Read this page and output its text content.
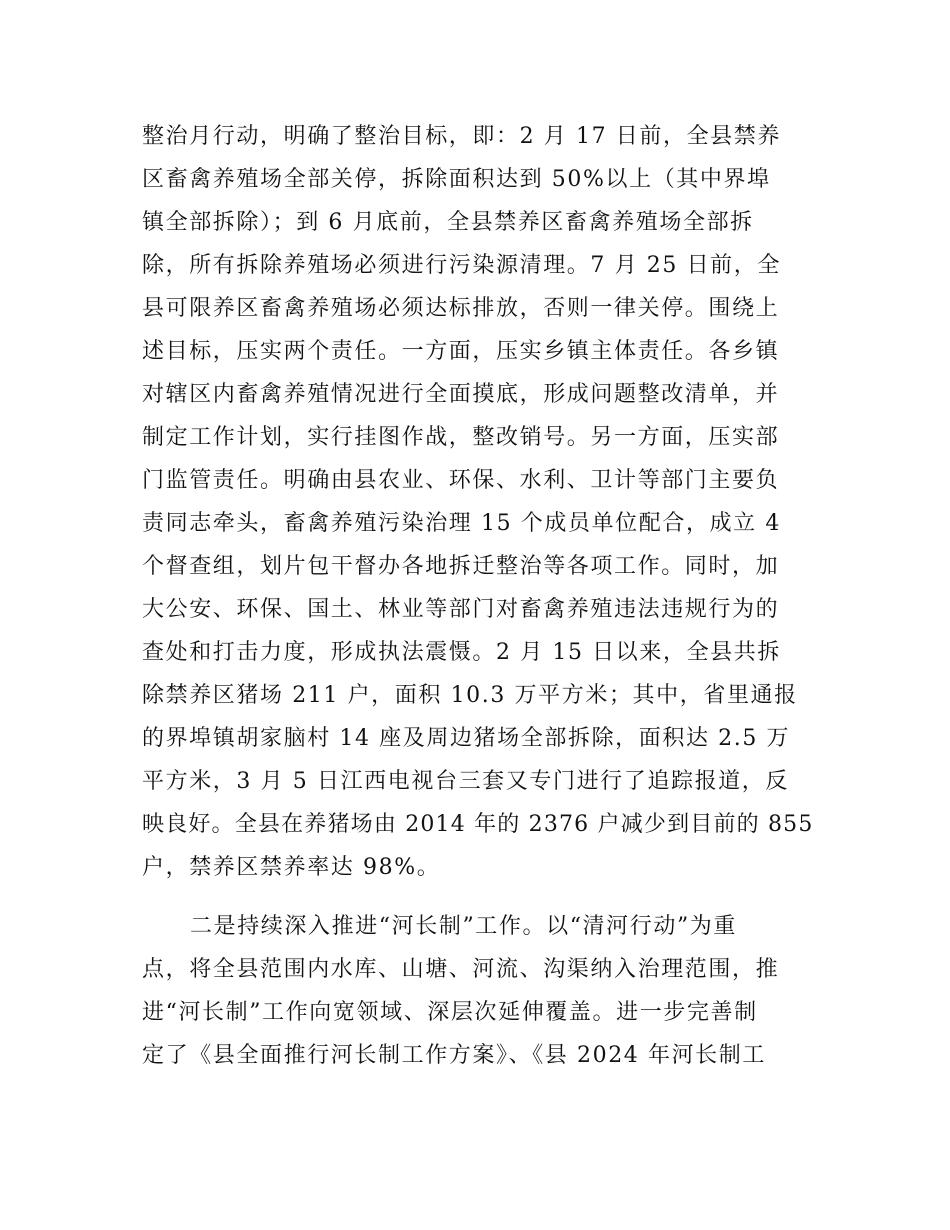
整治月行动，明确了整治目标，即：2 月 17 日前，全县禁养
区畜禽养殖场全部关停，拆除面积达到 50%以上（其中界埠
镇全部拆除）；到 6 月底前，全县禁养区畜禽养殖场全部拆
除，所有拆除养殖场必须进行污染源清理。7 月 25 日前，全
县可限养区畜禽养殖场必须达标排放，否则一律关停。围绕上
述目标，压实两个责任。一方面，压实乡镇主体责任。各乡镇
对辖区内畜禽养殖情况进行全面摸底，形成问题整改清单，并
制定工作计划，实行挂图作战，整改销号。另一方面，压实部
门监管责任。明确由县农业、环保、水利、卫计等部门主要负
责同志牵头，畜禽养殖污染治理 15 个成员单位配合，成立 4
个督查组，划片包干督办各地拆迁整治等各项工作。同时，加
大公安、环保、国土、林业等部门对畜禽养殖违法违规行为的
查处和打击力度，形成执法震慑。2 月 15 日以来，全县共拆
除禁养区猪场 211 户，面积 10.3 万平方米；其中，省里通报
的界埠镇胡家脑村 14 座及周边猪场全部拆除，面积达 2.5 万
平方米，3 月 5 日江西电视台三套又专门进行了追踪报道，反
映良好。全县在养猪场由 2014 年的 2376 户减少到目前的 855
户，禁养区禁养率达 98%。
二是持续深入推进“河长制”工作。以“清河行动”为重
点，将全县范围内水库、山塘、河流、沟渠纳入治理范围，推
进“河长制”工作向宽领域、深层次延伸覆盖。进一步完善制
定了《县全面推行河长制工作方案》、《县 2024 年河长制工
